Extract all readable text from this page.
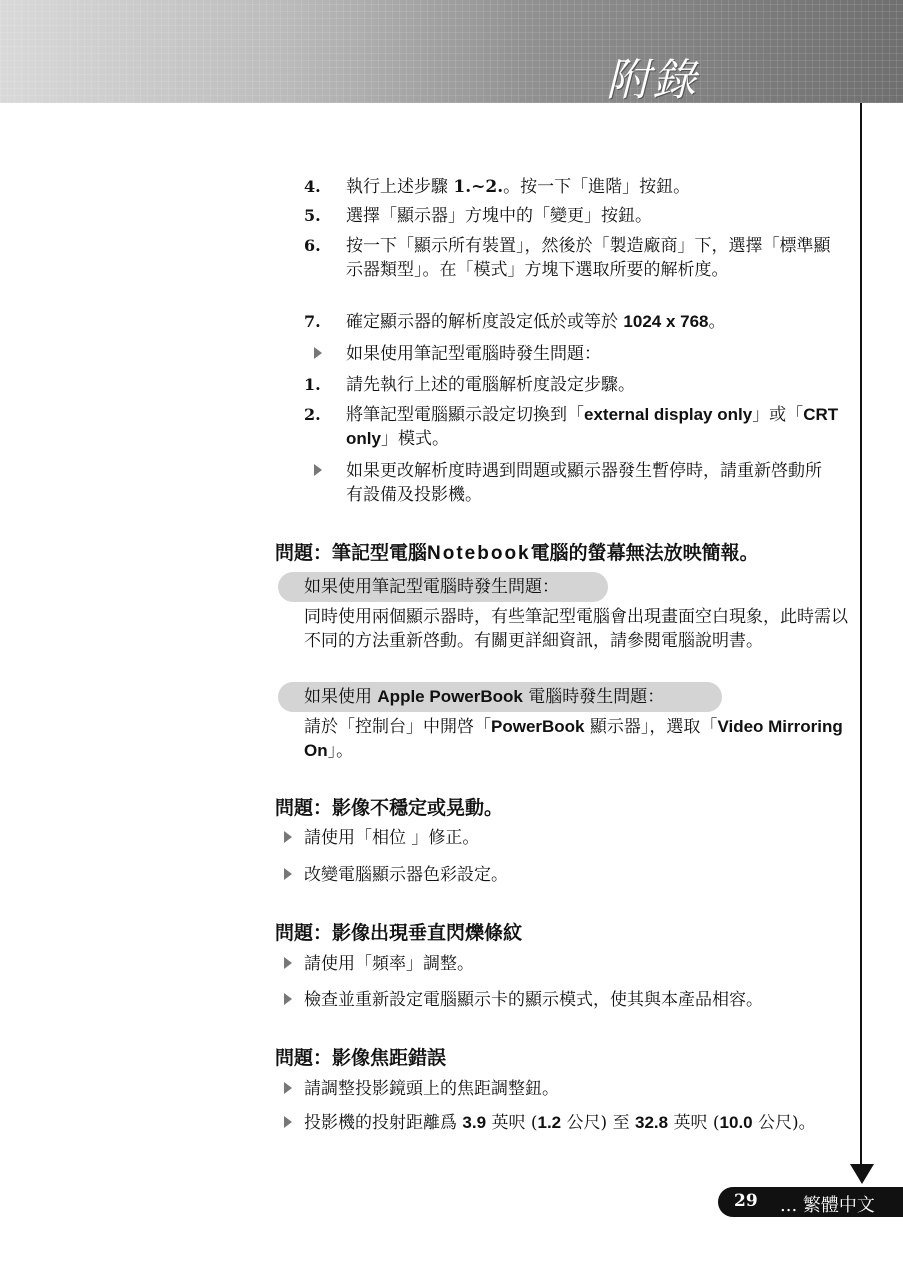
附錄
4. 執行上述步驟 1.~2.。按一下「進階」按鈕。
5. 選擇「顯示器」方塊中的「變更」按鈕。
6. 按一下「顯示所有裝置」，然後於「製造廠商」下，選擇「標準顯示器類型」。在「模式」方塊下選取所要的解析度。
7. 確定顯示器的解析度設定低於或等於 1024 x 768。
如果使用筆記型電腦時發生問題：
1. 請先執行上述的電腦解析度設定步驟。
2. 將筆記型電腦顯示設定切換到「external display only」或「CRT only」模式。
如果更改解析度時遇到問題或顯示器發生暫停時，請重新啓動所有設備及投影機。
問題：筆記型電腦Notebook電腦的螢幕無法放映簡報。
如果使用筆記型電腦時發生問題：
同時使用兩個顯示器時，有些筆記型電腦會出現畫面空白現象，此時需以不同的方法重新啓動。有關更詳細資訊，請參閱電腦說明書。
如果使用 Apple PowerBook 電腦時發生問題：
請於「控制台」中開啓「PowerBook 顯示器」，選取「Video Mirroring On」。
問題：影像不穩定或晃動。
請使用「相位 」修正。
改變電腦顯示器色彩設定。
問題：影像出現垂直閃爍條紋
請使用「頻率」調整。
檢查並重新設定電腦顯示卡的顯示模式，使其與本產品相容。
問題：影像焦距錯誤
請調整投影鏡頭上的焦距調整鈕。
投影機的投射距離爲 3.9 英呎 (1.2 公尺) 至 32.8 英呎 (10.0 公尺)。
29 ... 繁體中文
